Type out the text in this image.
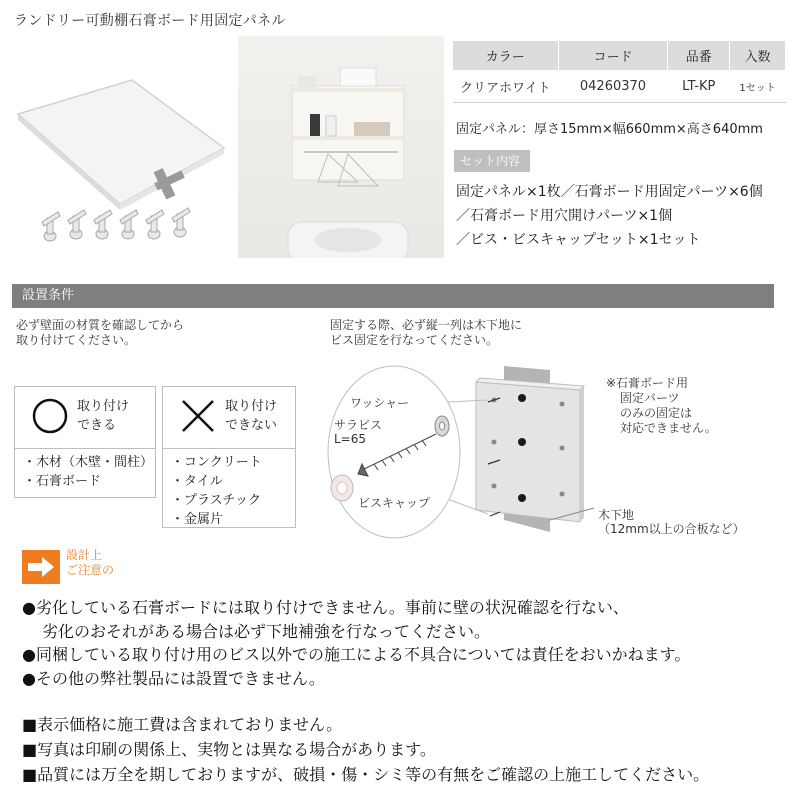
ランドリー可動棚石膏ボード用固定パネル
カラー	コード	品番	入数
クリアホワイト	04260370	LT-KP	1セット
固定パネル：厚さ15mm×幅660mm×高さ640mm
セット内容
固定パネル×1枚／石膏ボード用固定パーツ×6個
／石膏ボード用穴開けパーツ×1個
／ビス・ビスキャップセット×1セット
設置条件
必ず壁面の材質を確認してから
取り付けてください。
固定する際、必ず縦一列は木下地に
ビス固定を行なってください。
取り付け
できる
・木材（木壁・間柱）
・石膏ボード
取り付け
できない
・コンクリート
・タイル
・プラスチック
・金属片
ワッシャー
サラビス
L=65
ビスキャップ
※石膏ボード用
固定パーツ
のみの固定は
対応できません。
木下地
（12mm以上の合板など）
設計上
ご注意の
●劣化している石膏ボードには取り付けできません。事前に壁の状況確認を行ない、
劣化のおそれがある場合は必ず下地補強を行なってください。
●同梱している取り付け用のビス以外での施工による不具合については責任をおいかねます。
●その他の弊社製品には設置できません。
■表示価格に施工費は含まれておりません。
■写真は印刷の関係上、実物とは異なる場合があります。
■品質には万全を期しておりますが、破損・傷・シミ等の有無をご確認の上施工してください。
